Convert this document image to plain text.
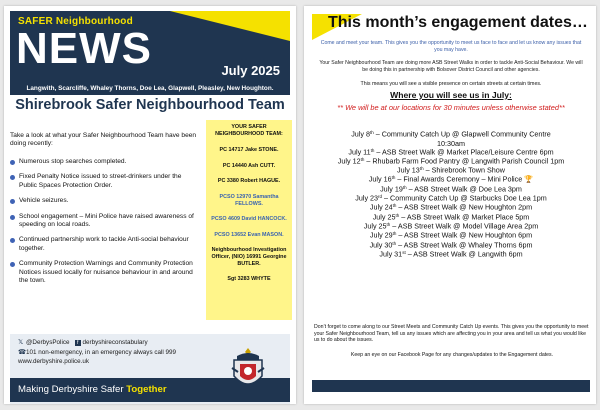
SAFER Neighbourhood
NEWS	July 2025
Langwith, Scarcliffe, Whaley Thorns, Doe Lea, Glapwell, Pleasley, New Houghton.
Shirebrook Safer Neighbourhood Team
Take a look at what your Safer Neighbourhood Team have been doing recently:
Numerous stop searches completed.
Fixed Penalty Notice issued to street-drinkers under the Public Spaces Protection Order.
Vehicle seizures.
School engagement – Mini Police have raised awareness of speeding on local roads.
Continued partnership work to tackle Anti-social behaviour together.
Community Protection Warnings and Community Protection Notices issued locally for nuisance behaviour in and around the town.
YOUR SAFER NEIGHBOURHOOD TEAM:
PC 14717 Jake STONE.
PC 14440 Ash CUTT.
PC 3380 Robert HAGUE.
PCSO 12970 Samantha FELLOWS.
PCSO 4609 David HANCOCK.
PCSO 13652 Evan MASON.
Neighbourhood Investigation Officer, (NIO) 16991 Georgine BUTLER.
Sgt 3283 WHYTE
𝕏 @DerbysPolice f derbyshireconstabulary
☎101 non-emergency, in an emergency always call 999
www.derbyshire.police.uk
Making Derbyshire Safer Together
This month’s engagement dates…
Come and meet your team. This gives you the opportunity to meet us face to face and let us know any issues that you may have.
Your Safer Neighbourhood Team are doing more ASB Street Walks in order to tackle Anti-Social Behaviour. We will be doing this in partnership with Bolsover District Council and other agencies.
This means you will see a visible presence on certain streets at certain times.
Where you will see us in July:
** We will be at our locations for 30 minutes unless otherwise stated**
July 8th – Community Catch Up @ Glapwell Community Centre
10:30am
July 11th – ASB Street Walk @ Market Place/Leisure Centre 6pm
July 12th – Rhubarb Farm Food Pantry @ Langwith Parish Council 1pm
July 13th – Shirebrook Town Show
July 16th – Final Awards Ceremony – Mini Police 🏆
July 19th – ASB Street Walk @ Doe Lea 3pm
July 23rd – Community Catch Up @ Starbucks Doe Lea 1pm
July 24th – ASB Street Walk @ New Houghton 2pm
July 25th – ASB Street Walk @ Market Place 5pm
July 25th – ASB Street Walk @ Model Village Area 2pm
July 29th – ASB Street Walk @ New Houghton 6pm
July 30th – ASB Street Walk @ Whaley Thorns 6pm
July 31st – ASB Street Walk @ Langwith 6pm
Don’t forget to come along to our Street Meets and Community Catch Up events. This gives you the opportunity to meet your Safer Neighbourhood Team, tell us any issues which are affecting you in your area and tell us what you would like us to do about the issues.
Keep an eye on our Facebook Page for any changes/updates to the Engagement dates.
